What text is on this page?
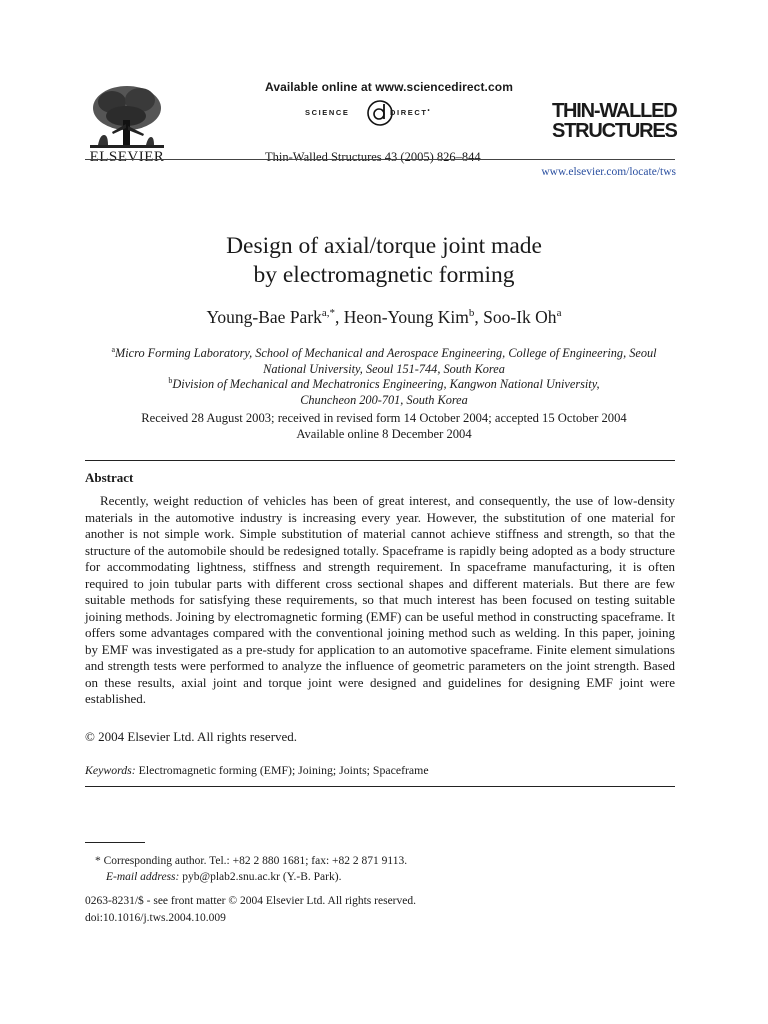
ELSEVIER
Available online at www.sciencedirect.com
SCIENCE	DIRECT•
Thin-Walled Structures 43 (2005) 826–844
THIN-WALLED
STRUCTURES
www.elsevier.com/locate/tws
Design of axial/torque joint made
by electromagnetic forming
Young-Bae Park$^{a,*}$, Heon-Young Kim$^b$, Soo-Ik Oh$^a$
$^a$Micro Forming Laboratory, School of Mechanical and Aerospace Engineering, College of Engineering, Seoul
National University, Seoul 151-744, South Korea
$^b$Division of Mechanical and Mechatronics Engineering, Kangwon National University,
Chuncheon 200-701, South Korea
Received 28 August 2003; received in revised form 14 October 2004; accepted 15 October 2004
Available online 8 December 2004
Abstract
Recently, weight reduction of vehicles has been of great interest, and consequently, the use of low-density materials in the automotive industry is increasing every year. However, the substitution of one material for another is not simple work. Simple substitution of material cannot achieve stiffness and strength, so that the structure of the automobile should be redesigned totally. Spaceframe is rapidly being adopted as a body structure for accommodating lightness, stiffness and strength requirement. In spaceframe manufacturing, it is often required to join tubular parts with different cross sectional shapes and different materials. But there are few suitable methods for satisfying these requirements, so that much interest has been focused on testing suitable joining methods. Joining by electromagnetic forming (EMF) can be useful method in constructing spaceframe. It offers some advantages compared with the conventional joining method such as welding. In this paper, joining by EMF was investigated as a pre-study for application to an automotive spaceframe. Finite element simulations and strength tests were performed to analyze the influence of geometric parameters on the joint strength. Based on these results, axial joint and torque joint were designed and guidelines for designing EMF joint were established.
© 2004 Elsevier Ltd. All rights reserved.
Keywords: Electromagnetic forming (EMF); Joining; Joints; Spaceframe
* Corresponding author. Tel.: +82 2 880 1681; fax: +82 2 871 9113.
E-mail address: pyb@plab2.snu.ac.kr (Y.-B. Park).
0263-8231/$ - see front matter © 2004 Elsevier Ltd. All rights reserved.
doi:10.1016/j.tws.2004.10.009
